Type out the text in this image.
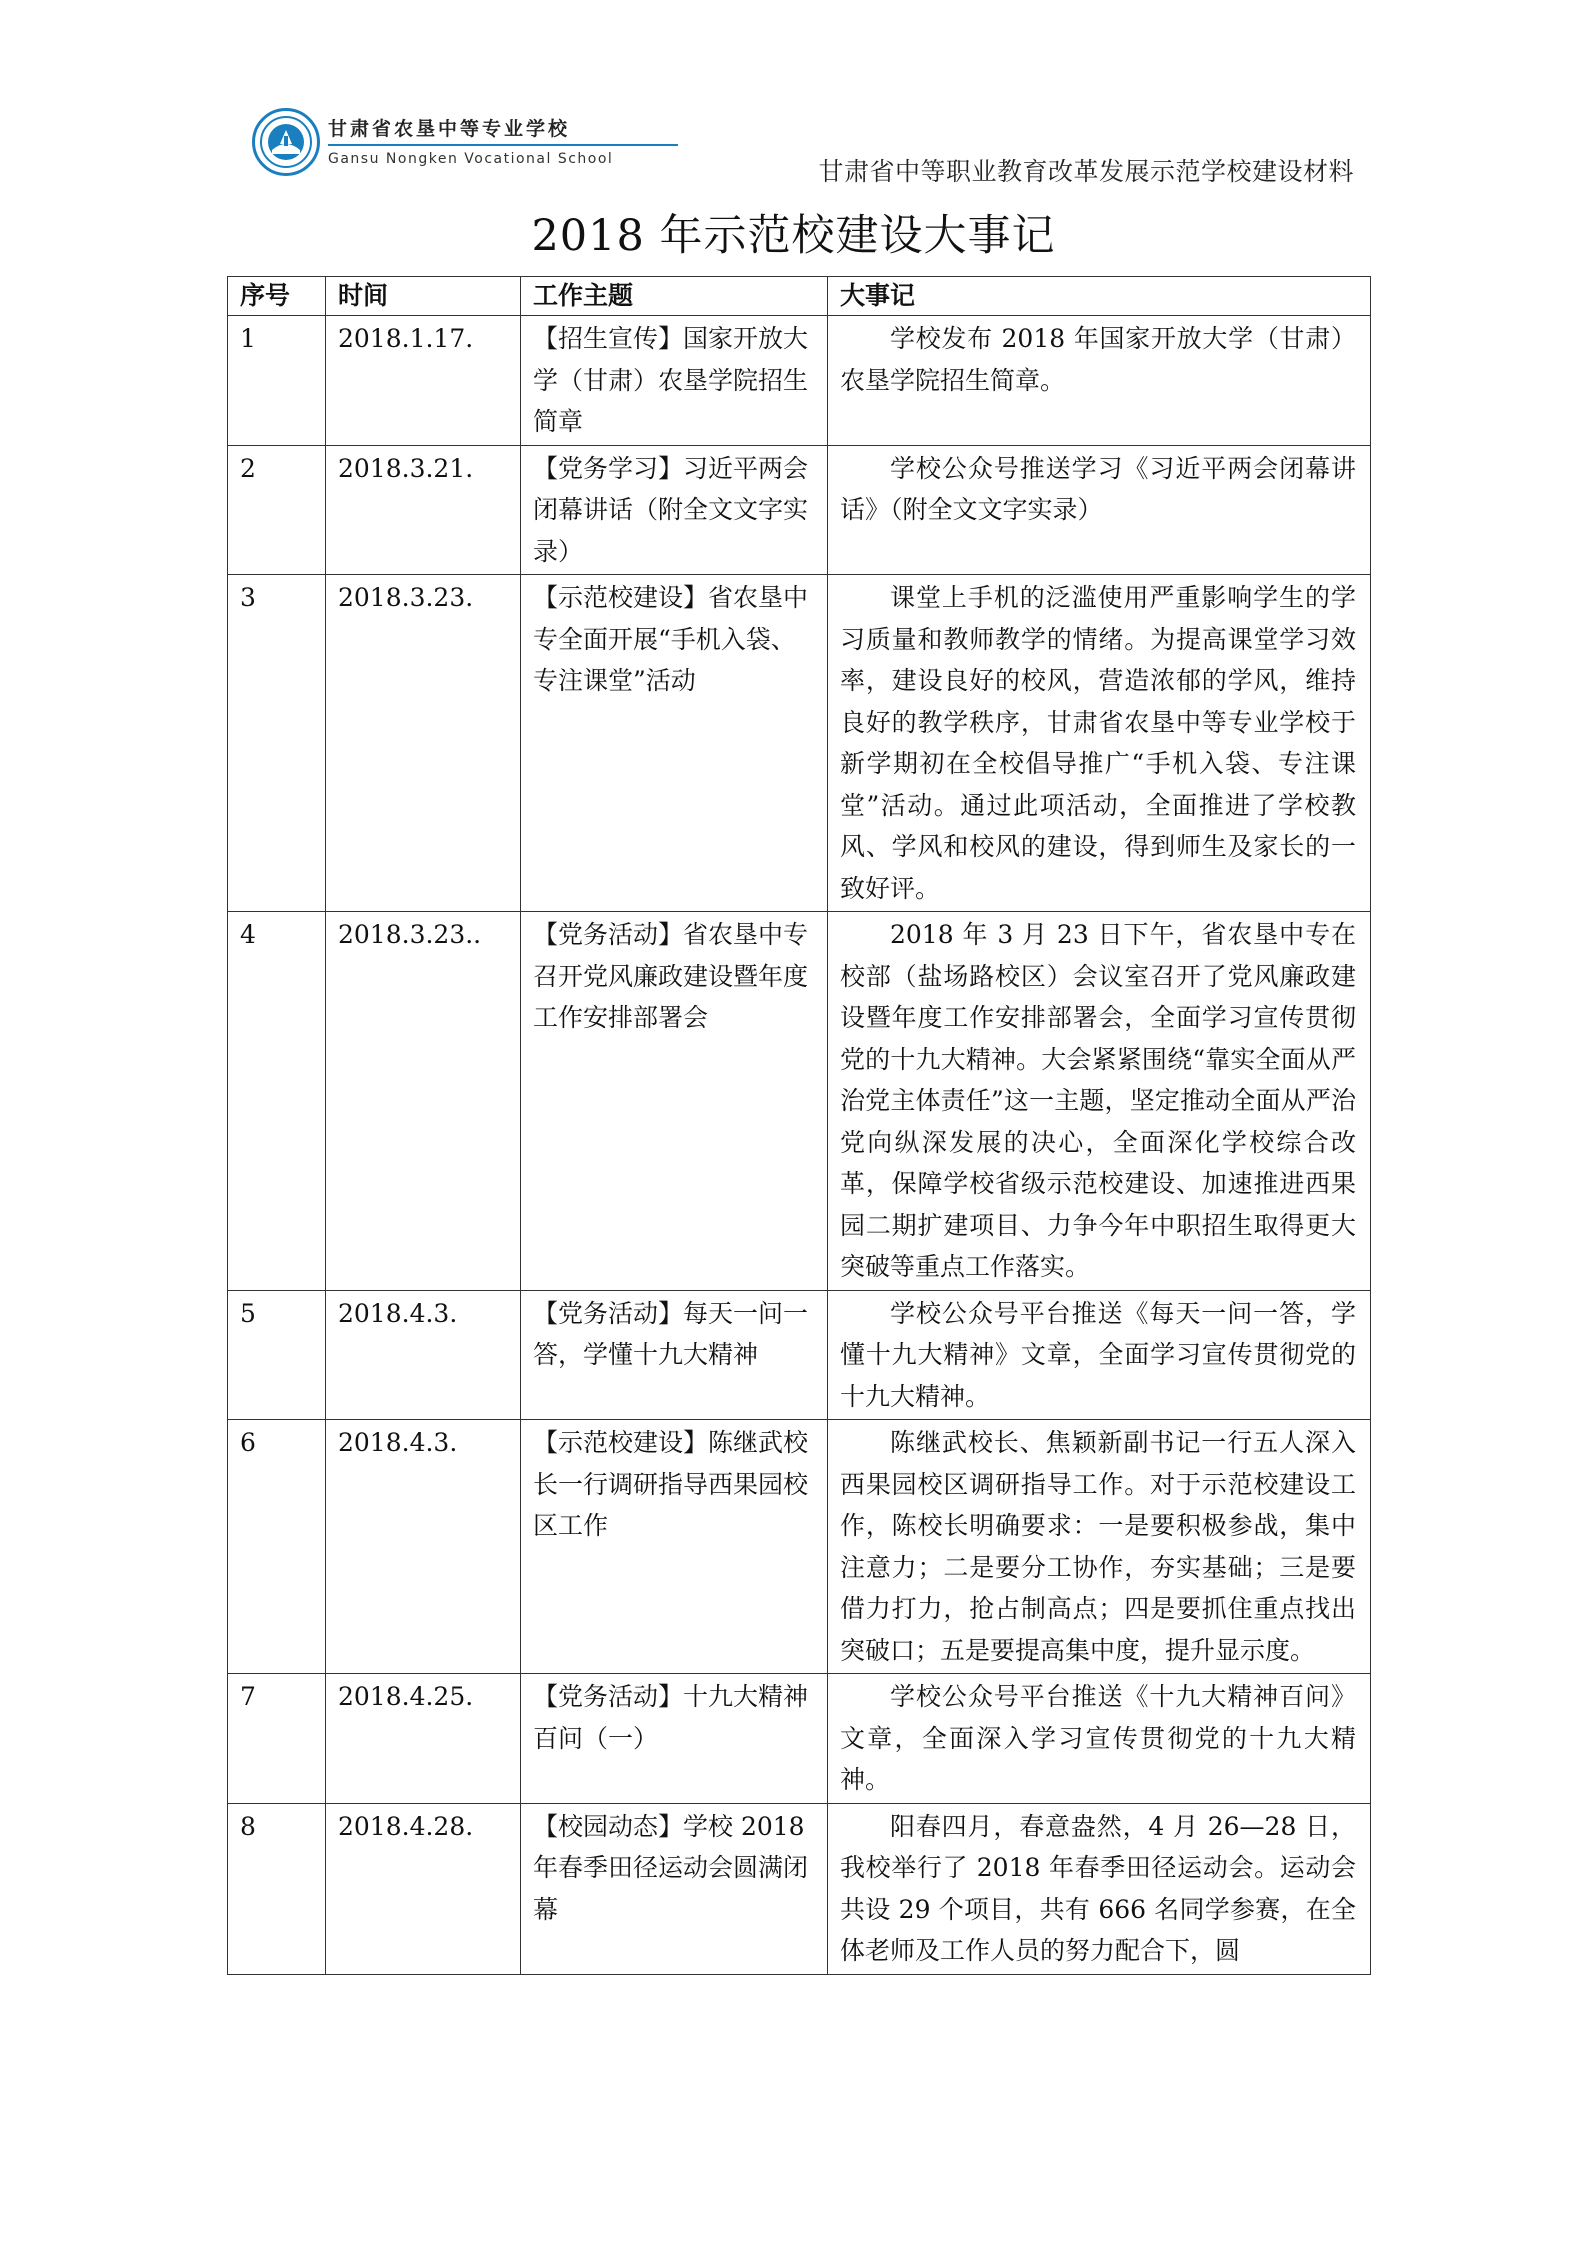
甘肃省农垦中等专业学校
Gansu Nongken Vocational School	甘肃省中等职业教育改革发展示范学校建设材料
2018 年示范校建设大事记
序号	时间	工作主题	大事记
1	2018.1.17.	【招生宣传】国家开放大学（甘肃）农垦学院招生简章	学校发布 2018 年国家开放大学（甘肃）农垦学院招生简章。
2	2018.3.21.	【党务学习】习近平两会闭幕讲话（附全文文字实录）	学校公众号推送学习《习近平两会闭幕讲话》（附全文文字实录）
3	2018.3.23.	【示范校建设】省农垦中专全面开展“手机入袋、专注课堂”活动	课堂上手机的泛滥使用严重影响学生的学习质量和教师教学的情绪。为提高课堂学习效率，建设良好的校风，营造浓郁的学风，维持良好的教学秩序，甘肃省农垦中等专业学校于新学期初在全校倡导推广“手机入袋、专注课堂”活动。通过此项活动，全面推进了学校教风、学风和校风的建设，得到师生及家长的一致好评。
4	2018.3.23..	【党务活动】省农垦中专召开党风廉政建设暨年度工作安排部署会	2018 年 3 月 23 日下午，省农垦中专在校部（盐场路校区）会议室召开了党风廉政建设暨年度工作安排部署会，全面学习宣传贯彻党的十九大精神。大会紧紧围绕“靠实全面从严治党主体责任”这一主题，坚定推动全面从严治党向纵深发展的决心，全面深化学校综合改革，保障学校省级示范校建设、加速推进西果园二期扩建项目、力争今年中职招生取得更大突破等重点工作落实。
5	2018.4.3.	【党务活动】每天一问一答，学懂十九大精神	学校公众号平台推送《每天一问一答，学懂十九大精神》文章，全面学习宣传贯彻党的十九大精神。
6	2018.4.3.	【示范校建设】陈继武校长一行调研指导西果园校区工作	陈继武校长、焦颖新副书记一行五人深入西果园校区调研指导工作。对于示范校建设工作，陈校长明确要求：一是要积极参战，集中注意力；二是要分工协作，夯实基础；三是要借力打力，抢占制高点；四是要抓住重点找出突破口；五是要提高集中度，提升显示度。
7	2018.4.25.	【党务活动】十九大精神百问（一）	学校公众号平台推送《十九大精神百问》文章，全面深入学习宣传贯彻党的十九大精神。
8	2018.4.28.	【校园动态】学校 2018 年春季田径运动会圆满闭幕	阳春四月，春意盎然，4 月 26—28 日，我校举行了 2018 年春季田径运动会。运动会共设 29 个项目，共有 666 名同学参赛，在全体老师及工作人员的努力配合下，圆
